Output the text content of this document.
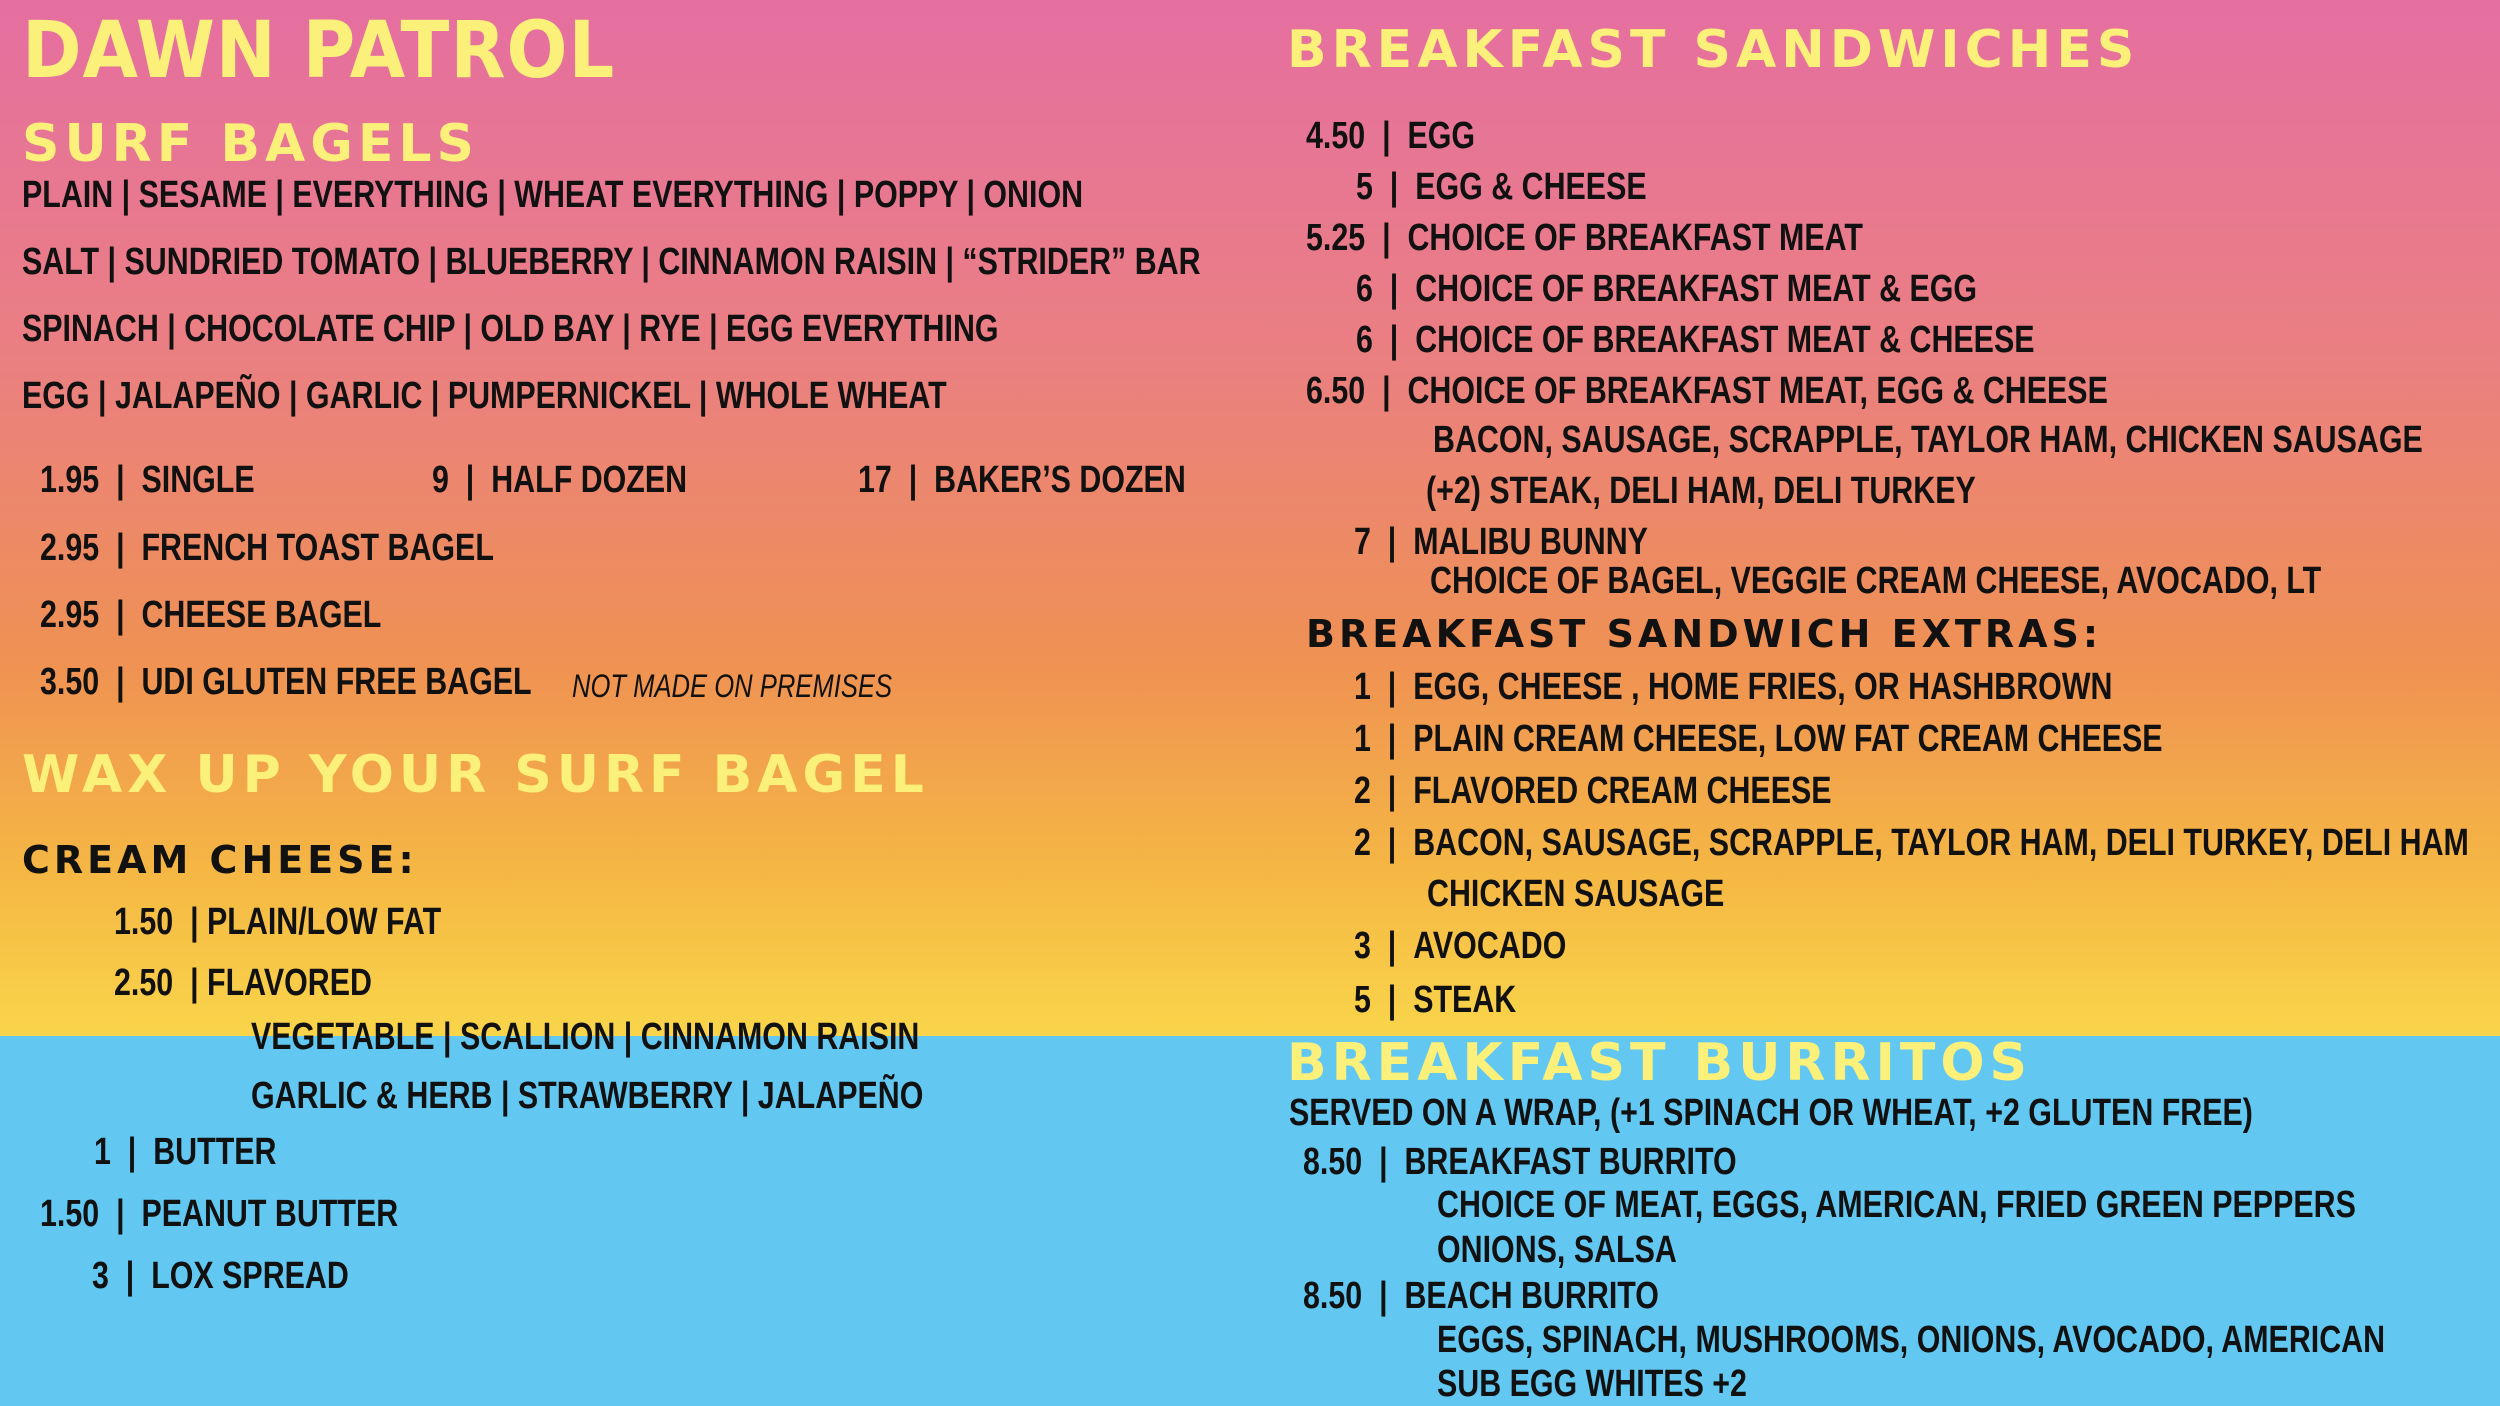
DAWN PATROL
SURF BAGELS
PLAIN | SESAME | EVERYTHING | WHEAT EVERYTHING | POPPY | ONION
SALT | SUNDRIED TOMATO | BLUEBERRY | CINNAMON RAISIN | “STRIDER” BAR
SPINACH | CHOCOLATE CHIP | OLD BAY | RYE | EGG EVERYTHING
EGG | JALAPEÑO | GARLIC | PUMPERNICKEL | WHOLE WHEAT
1.95  |  SINGLE	9  |  HALF DOZEN	17  |  BAKER’S DOZEN
2.95  |  FRENCH TOAST BAGEL
2.95  |  CHEESE BAGEL
3.50  |  UDI GLUTEN FREE BAGEL NOT MADE ON PREMISES
WAX UP YOUR SURF BAGEL
CREAM CHEESE:
1.50  | PLAIN/LOW FAT
2.50  | FLAVORED
VEGETABLE | SCALLION | CINNAMON RAISIN
GARLIC & HERB | STRAWBERRY | JALAPEÑO
1  |  BUTTER
1.50  |  PEANUT BUTTER
3  |  LOX SPREAD
BREAKFAST SANDWICHES
4.50  |  EGG
5  |  EGG & CHEESE
5.25  |  CHOICE OF BREAKFAST MEAT
6  |  CHOICE OF BREAKFAST MEAT & EGG
6  |  CHOICE OF BREAKFAST MEAT & CHEESE
6.50  |  CHOICE OF BREAKFAST MEAT, EGG & CHEESE
BACON, SAUSAGE, SCRAPPLE, TAYLOR HAM, CHICKEN SAUSAGE
(+2) STEAK, DELI HAM, DELI TURKEY
7  |  MALIBU BUNNY
CHOICE OF BAGEL, VEGGIE CREAM CHEESE, AVOCADO, LT
BREAKFAST SANDWICH EXTRAS:
1  |  EGG, CHEESE , HOME FRIES, OR HASHBROWN
1  |  PLAIN CREAM CHEESE, LOW FAT CREAM CHEESE
2  |  FLAVORED CREAM CHEESE
2  |  BACON, SAUSAGE, SCRAPPLE, TAYLOR HAM, DELI TURKEY, DELI HAM
CHICKEN SAUSAGE
3  |  AVOCADO
5  |  STEAK
BREAKFAST BURRITOS
SERVED ON A WRAP, (+1 SPINACH OR WHEAT, +2 GLUTEN FREE)
8.50  |  BREAKFAST BURRITO
CHOICE OF MEAT, EGGS, AMERICAN, FRIED GREEN PEPPERS
ONIONS, SALSA
8.50  |  BEACH BURRITO
EGGS, SPINACH, MUSHROOMS, ONIONS, AVOCADO, AMERICAN
SUB EGG WHITES +2
